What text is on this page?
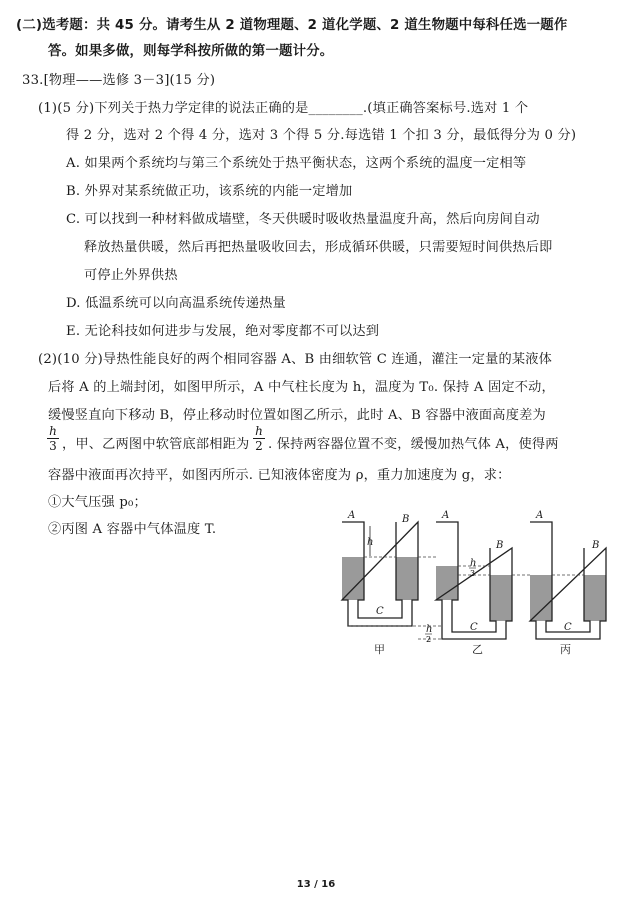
(二)选考题：共 45 分。请考生从 2 道物理题、2 道化学题、2 道生物题中每科任选一题作
答。如果多做，则每学科按所做的第一题计分。
33.[物理——选修 3－3](15 分)
(1)(5 分)下列关于热力学定律的说法正确的是________.(填正确答案标号.选对 1 个
得 2 分，选对 2 个得 4 分，选对 3 个得 5 分.每选错 1 个扣 3 分，最低得分为 0 分)
A. 如果两个系统均与第三个系统处于热平衡状态，这两个系统的温度一定相等
B. 外界对某系统做正功，该系统的内能一定增加
C. 可以找到一种材料做成墙壁，冬天供暖时吸收热量温度升高，然后向房间自动
释放热量供暖，然后再把热量吸收回去，形成循环供暖，只需要短时间供热后即
可停止外界供热
D. 低温系统可以向高温系统传递热量
E. 无论科技如何进步与发展，绝对零度都不可以达到
(2)(10 分)导热性能良好的两个相同容器 A、B 由细软管 C 连通，灌注一定量的某液体
后将 A 的上端封闭，如图甲所示，A 中气柱长度为 h，温度为 T₀. 保持 A 固定不动，
缓慢竖直向下移动 B，停止移动时位置如图乙所示，此时 A、B 容器中液面高度差为
h
3 ，甲、乙两图中软管底部相距为
h
2 . 保持两容器位置不变，缓慢加热气体 A，使得两
容器中液面再次持平，如图丙所示. 已知液体密度为 ρ，重力加速度为 g，求：
①大气压强 p₀；
②丙图 A 容器中气体温度 T.
A	B
C
h
甲
A
B
C
h
3
乙
A
B
C
丙
h
2
13 / 16
